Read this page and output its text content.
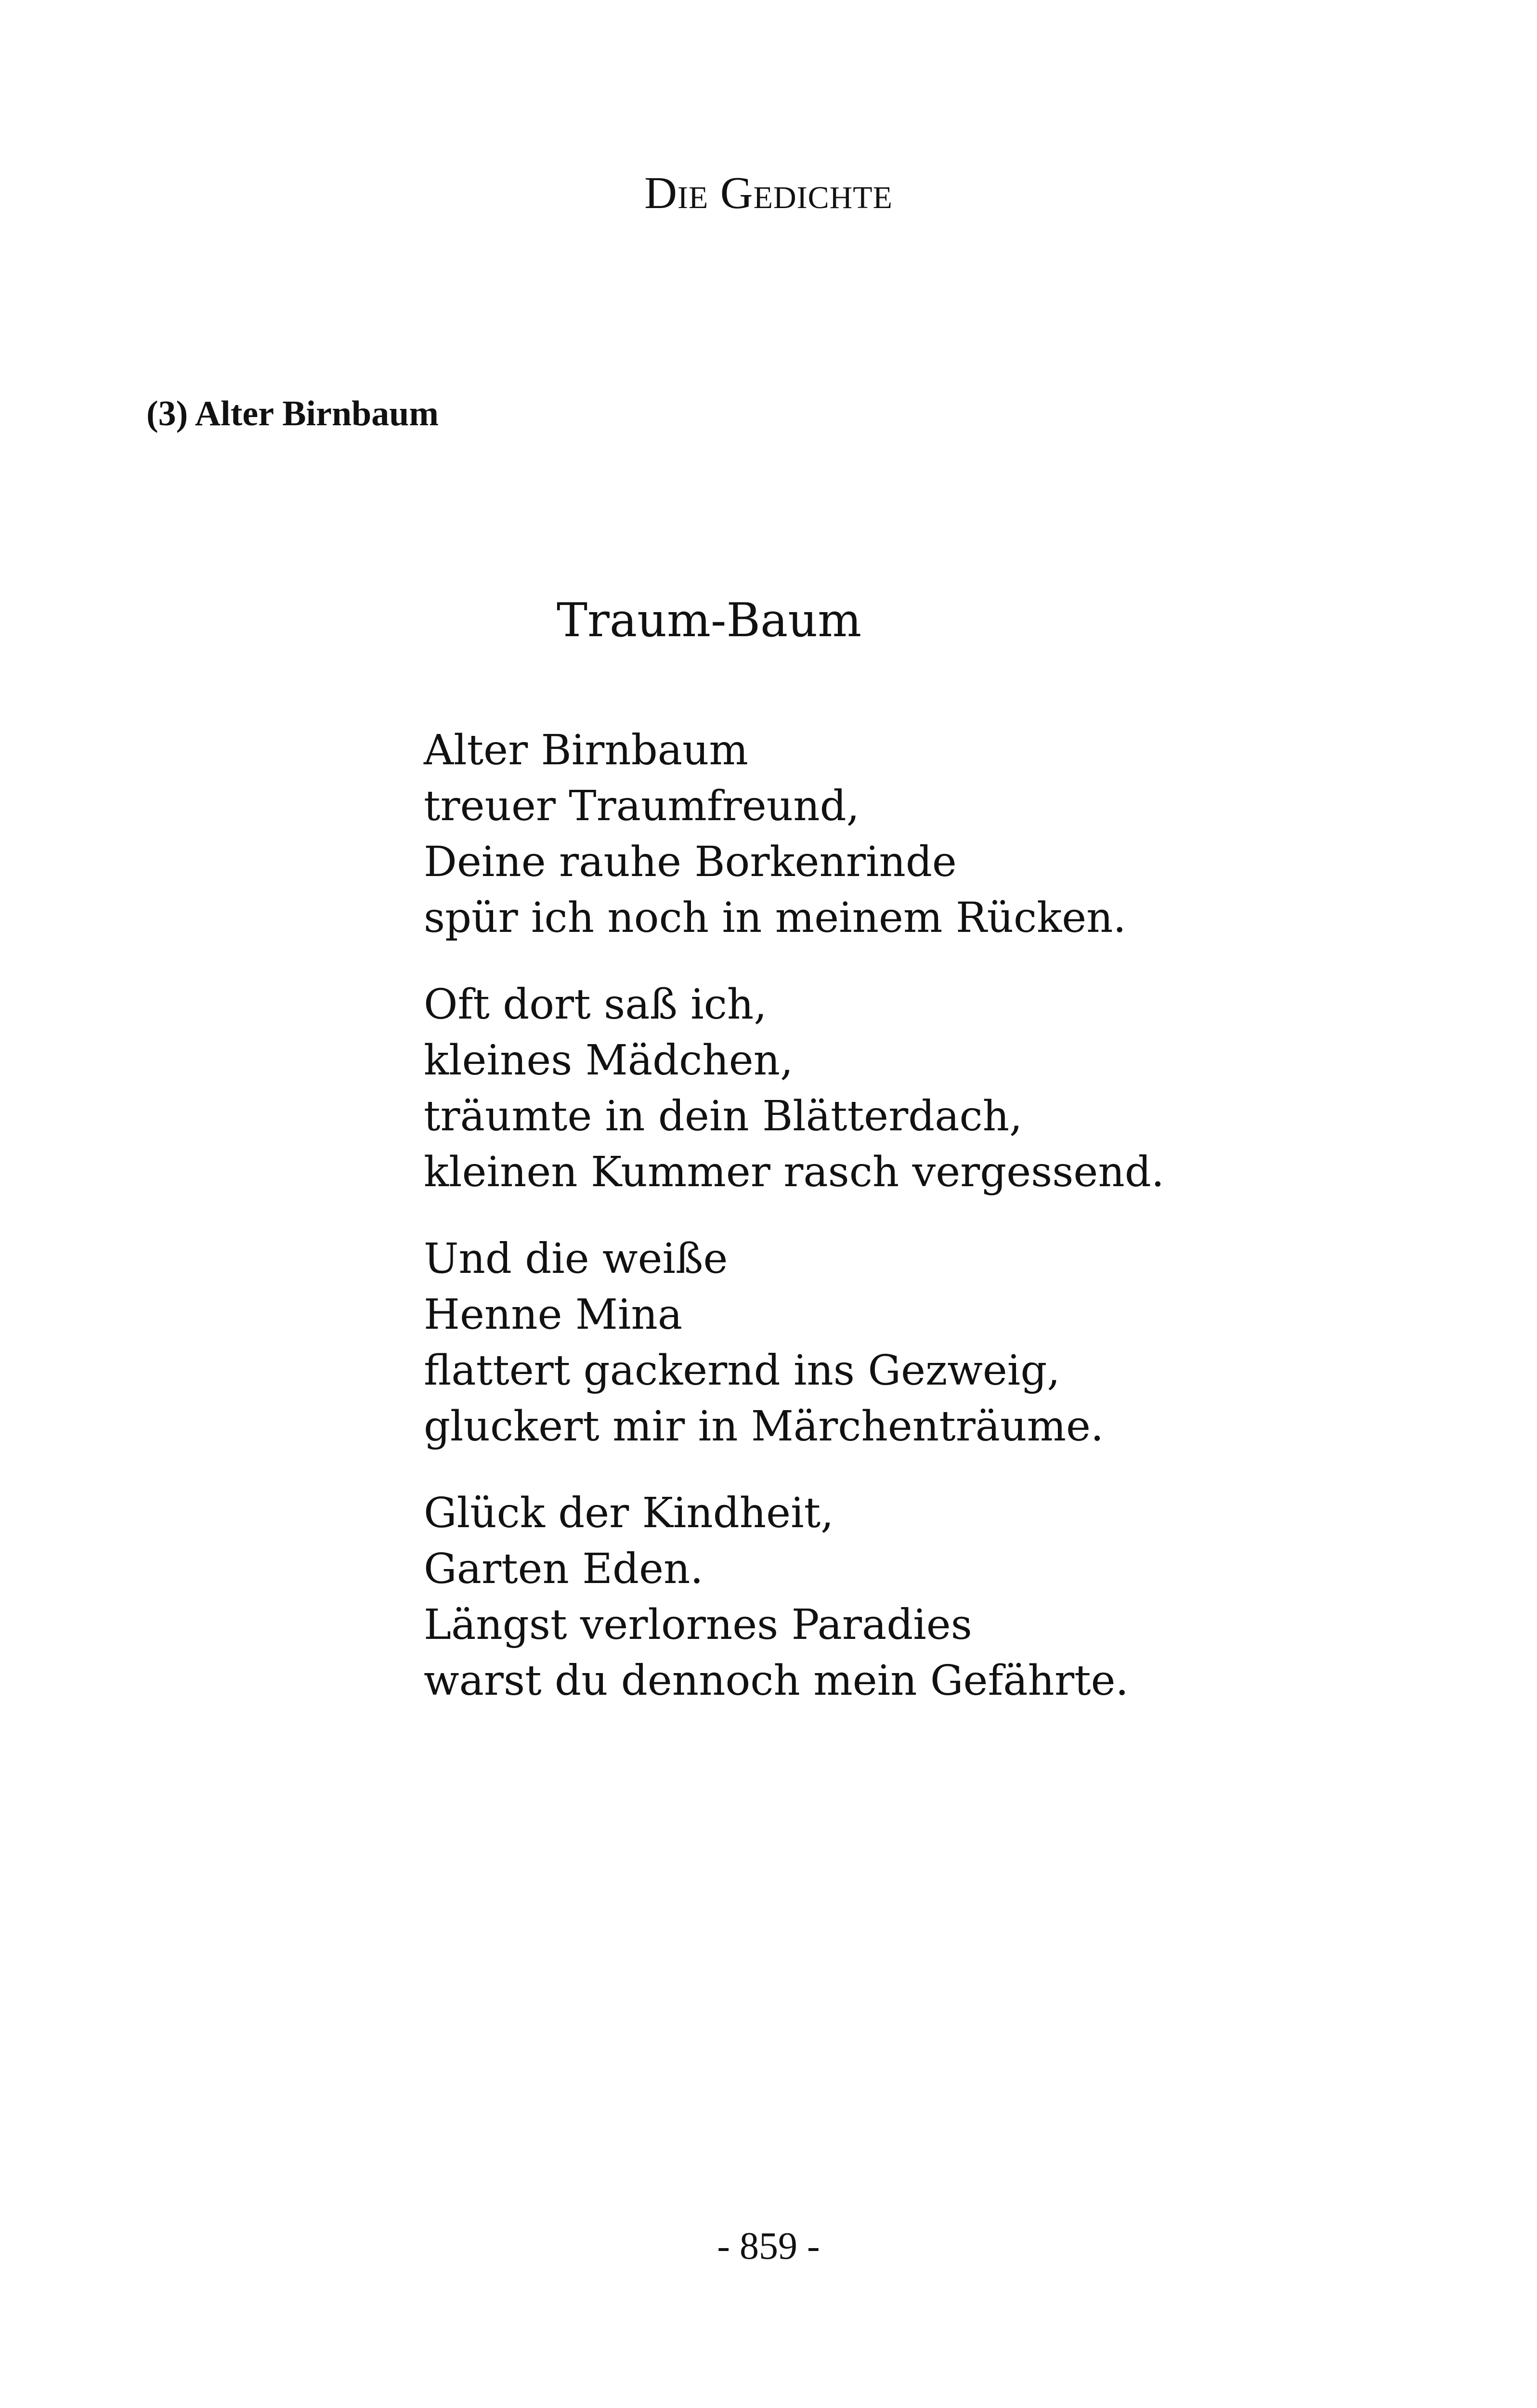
Die Gedichte
(3) Alter Birnbaum
Traum-Baum
Alter Birnbaum
treuer Traumfreund,
Deine rauhe Borkenrinde
spür ich noch in meinem Rücken.
Oft dort saß ich,
kleines Mädchen,
träumte in dein Blätterdach,
kleinen Kummer rasch vergessend.
Und die weiße
Henne Mina
flattert gackernd ins Gezweig,
gluckert mir in Märchenträume.
Glück der Kindheit,
Garten Eden.
Längst verlornes Paradies
warst du dennoch mein Gefährte.
- 859 -
